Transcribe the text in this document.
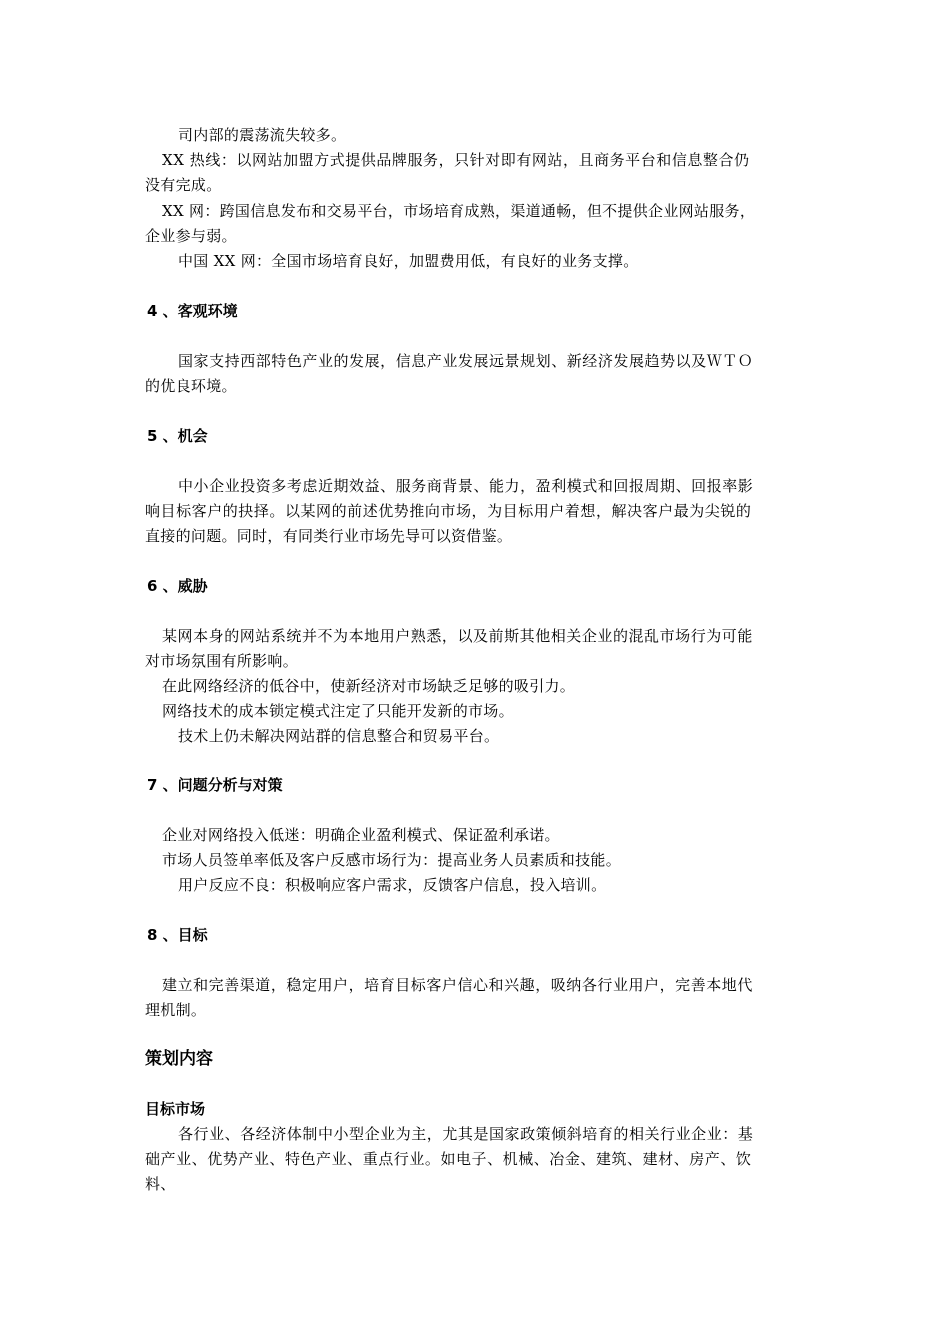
司内部的震荡流失较多。
XX 热线：以网站加盟方式提供品牌服务，只针对即有网站，且商务平台和信息整合仍
没有完成。
XX 网：跨国信息发布和交易平台，市场培育成熟，渠道通畅，但不提供企业网站服务，
企业参与弱。
中国 XX 网：全国市场培育良好，加盟费用低，有良好的业务支撑。
4 、客观环境
国家支持西部特色产业的发展，信息产业发展远景规划、新经济发展趋势以及ＷＴＯ
的优良环境。
5 、机会
中小企业投资多考虑近期效益、服务商背景、能力，盈利模式和回报周期、回报率影
响目标客户的抉择。以某网的前述优势推向市场，为目标用户着想，解决客户最为尖锐的
直接的问题。同时，有同类行业市场先导可以资借鉴。
6 、威胁
某网本身的网站系统并不为本地用户熟悉，以及前斯其他相关企业的混乱市场行为可能
对市场氛围有所影响。
在此网络经济的低谷中，使新经济对市场缺乏足够的吸引力。
网络技术的成本锁定模式注定了只能开发新的市场。
技术上仍未解决网站群的信息整合和贸易平台。
7 、问题分析与对策
企业对网络投入低迷：明确企业盈利模式、保证盈利承诺。
市场人员签单率低及客户反感市场行为：提高业务人员素质和技能。
用户反应不良：积极响应客户需求，反馈客户信息，投入培训。
8 、目标
建立和完善渠道，稳定用户，培育目标客户信心和兴趣，吸纳各行业用户，完善本地代
理机制。
策划内容
目标市场
各行业、各经济体制中小型企业为主，尤其是国家政策倾斜培育的相关行业企业：基
础产业、优势产业、特色产业、重点行业。如电子、机械、冶金、建筑、建材、房产、饮
料、
